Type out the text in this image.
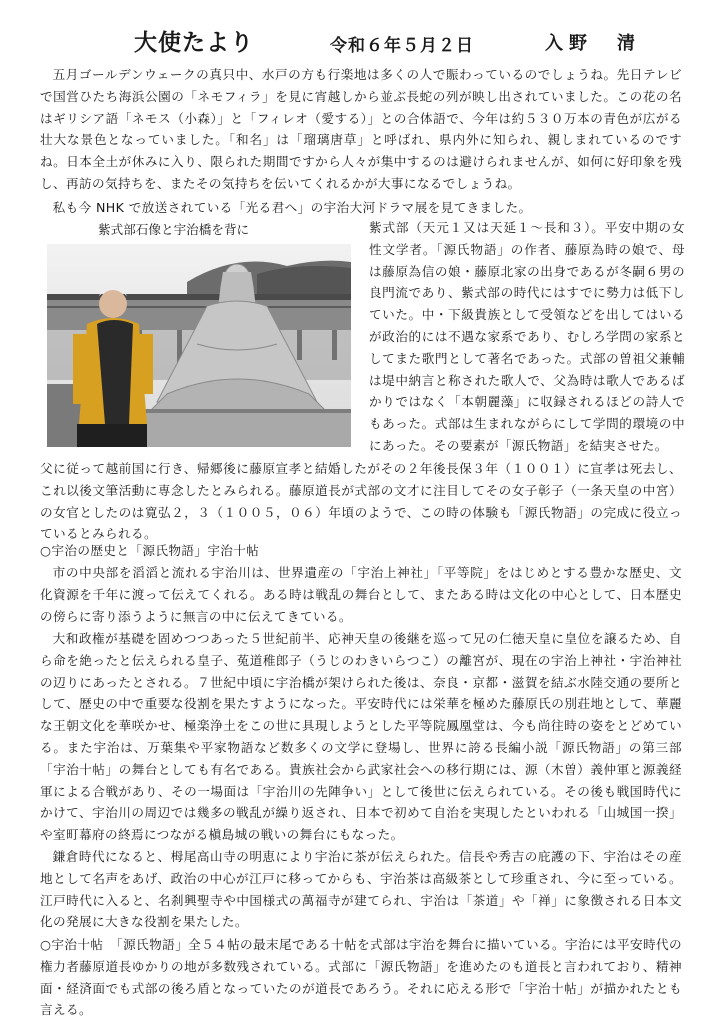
大使たより	令和６年５月２日	入野　清
五月ゴールデンウェークの真只中、水戸の方も行楽地は多くの人で賑わっているのでしょうね。先日テレビで国営ひたち海浜公園の「ネモフィラ」を見に宵越しから並ぶ長蛇の列が映し出されていました。この花の名はギリシア語「ネモス（小森）」と「フィレオ（愛する）」との合体語で、今年は約５３０万本の青色が広がる壮大な景色となっていました。「和名」は「瑠璃唐草」と呼ばれ、県内外に知られ、親しまれているのですね。日本全土が休みに入り、限られた期間ですから人々が集中するのは避けられませんが、如何に好印象を残し、再訪の気持ちを、またその気持ちを伝いてくれるかが大事になるでしょうね。
私も今 NHK で放送されている「光る君へ」の宇治大河ドラマ展を見てきました。
紫式部石像と宇治橋を背に	紫式部（天元１又は天延１～長和３）。平安中期の女性文学者。「源氏物語」の作者、藤原為時の娘で、母は藤原為信の娘・藤原北家の出身であるが冬嗣６男の良門流であり、紫式部の時代にはすでに勢力は低下していた。中・下級貴族として受領などを出してはいるが政治的には不遇な家系であり、むしろ学問の家系としてまた歌門として著名であった。式部の曽祖父兼輔は堤中納言と称された歌人で、父為時は歌人であるばかりではなく「本朝麗藻」に収録されるほどの詩人でもあった。式部は生まれながらにして学問的環境の中にあった。その要素が「源氏物語」を結実させた。
父に従って越前国に行き、帰郷後に藤原宣孝と結婚したがその２年後長保３年（１００１）に宣孝は死去し、これ以後文筆活動に専念したとみられる。藤原道長が式部の文才に注目してその女子彰子（一条天皇の中宮）の女官としたのは寛弘２，３（１００５，０６）年頃のようで、この時の体験も「源氏物語」の完成に役立っているとみられる。
○宇治の歴史と「源氏物語」宇治十帖
市の中央部を滔滔と流れる宇治川は、世界遺産の「宇治上神社」「平等院」をはじめとする豊かな歴史、文化資源を千年に渡って伝えてくれる。ある時は戦乱の舞台として、またある時は文化の中心として、日本歴史の傍らに寄り添うように無言の中に伝えてきている。
大和政権が基礎を固めつつあった５世紀前半、応神天皇の後継を巡って兄の仁徳天皇に皇位を譲るため、自ら命を絶ったと伝えられる皇子、菟道稚郎子（うじのわきいらつこ）の離宮が、現在の宇治上神社・宇治神社の辺りにあったとされる。７世紀中頃に宇治橋が架けられた後は、奈良・京都・滋賀を結ぶ水陸交通の要所として、歴史の中で重要な役割を果たすようになった。平安時代には栄華を極めた藤原氏の別荘地として、華麗な王朝文化を華咲かせ、極楽浄土をこの世に具現しようとした平等院鳳凰堂は、今も尚往時の姿をとどめている。また宇治は、万葉集や平家物語など数多くの文学に登場し、世界に誇る長編小説「源氏物語」の第三部「宇治十帖」の舞台としても有名である。貴族社会から武家社会への移行期には、源（木曽）義仲軍と源義経軍による合戦があり、その一場面は「宇治川の先陣争い」として後世に伝えられている。その後も戦国時代にかけて、宇治川の周辺では幾多の戦乱が繰り返され、日本で初めて自治を実現したといわれる「山城国一揆」や室町幕府の終焉につながる槇島城の戦いの舞台にもなった。
鎌倉時代になると、栂尾高山寺の明恵により宇治に茶が伝えられた。信長や秀吉の庇護の下、宇治はその産地として名声をあげ、政治の中心が江戸に移ってからも、宇治茶は高級茶として珍重され、今に至っている。江戸時代に入ると、名刹興聖寺や中国様式の萬福寺が建てられ、宇治は「茶道」や「禅」に象徴される日本文化の発展に大きな役割を果たした。
○宇治十帖　「源氏物語」全５４帖の最末尾である十帖を式部は宇治を舞台に描いている。宇治には平安時代の権力者藤原道長ゆかりの地が多数残されている。式部に「源氏物語」を進めたのも道長と言われており、精神面・経済面でも式部の後ろ盾となっていたのが道長であろう。それに応える形で「宇治十帖」が描かれたとも言える。
